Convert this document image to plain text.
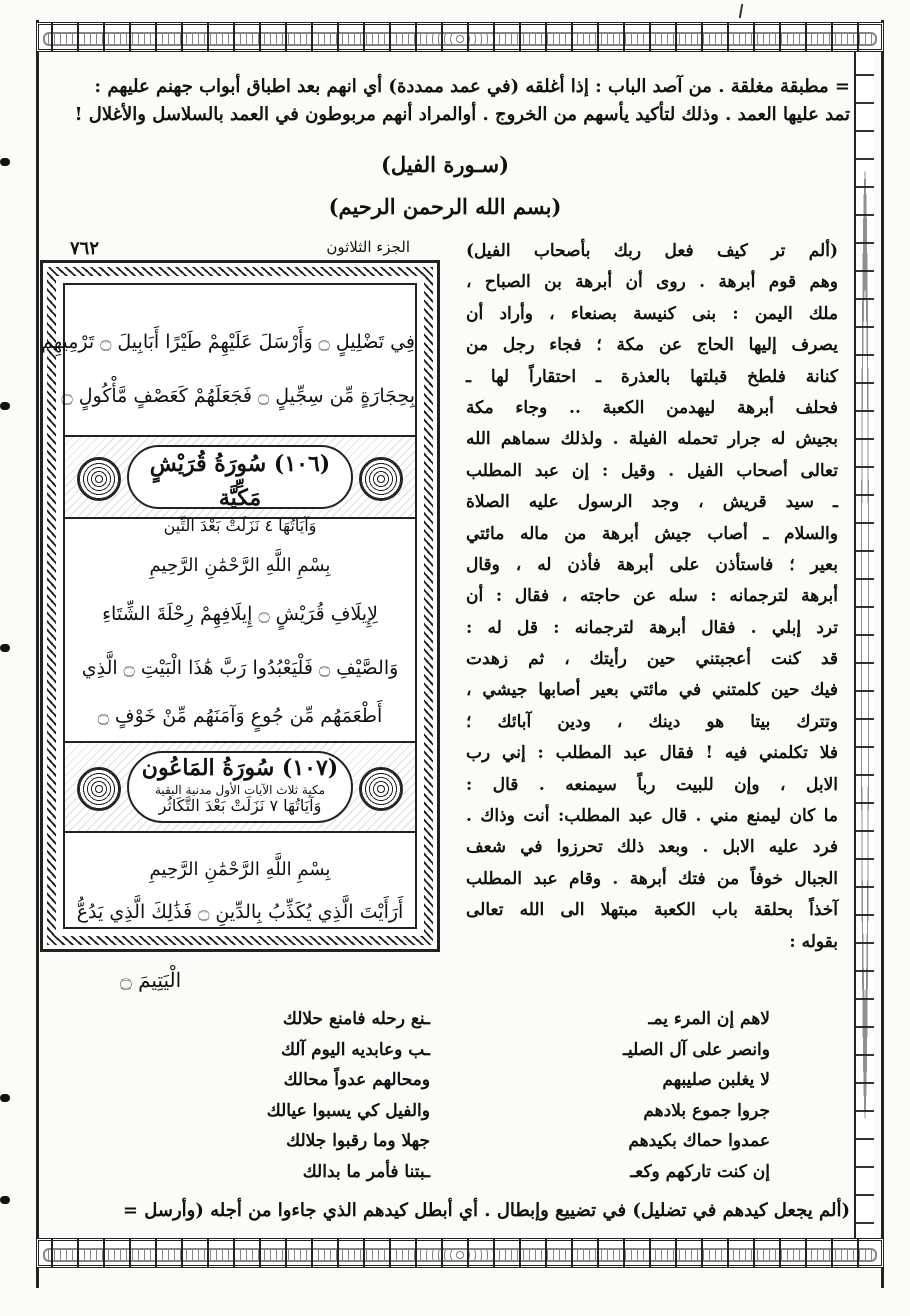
= مطبقة مغلقة . من آصد الباب : إذا أغلقه (في عمد ممددة) أي انهم بعد اطباق أبواب جهنم عليهم :
تمد عليها العمد . وذلك لتأكيد يأسهم من الخروج . أوالمراد أنهم مربوطون في العمد بالسلاسل والأغلال !
(سـورة الفيل)
(بسم الله الرحمن الرحيم)
(ألم تر كيف فعل ربك بأصحاب الفيل)
وهم قوم أبرهة . روى أن أبرهة بن الصباح ،
ملك اليمن : بنى كنيسة بصنعاء ، وأراد أن
يصرف إليها الحاج عن مكة ؛ فجاء رجل من
كنانة فلطخ قبلتها بالعذرة ـ احتقاراً لها ـ
فحلف أبرهة ليهدمن الكعبة .. وجاء مكة
بجيش له جرار تحمله الفيلة . ولذلك سماهم الله
تعالى أصحاب الفيل . وقيل : إن عبد المطلب
ـ سيد قريش ، وجد الرسول عليه الصلاة
والسلام ـ أصاب جيش أبرهة من ماله مائتي
بعير ؛ فاستأذن على أبرهة فأذن له ، وقال
أبرهة لترجمانه : سله عن حاجته ، فقال : أن
ترد إبلي . فقال أبرهة لترجمانه : قل له :
قد كنت أعجبتني حين رأيتك ، ثم زهدت
فيك حين كلمتني في مائتي بعير أصابها جيشي ،
وتترك بيتا هو دينك ، ودين آبائك ؛
فلا تكلمني فيه ! فقال عبد المطلب : إني رب
الابل ، وإن للبيت رباً سيمنعه . قال :
ما كان ليمنع مني . قال عبد المطلب: أنت وذاك .
فرد عليه الابل . وبعد ذلك تحرزوا في شعف
الجبال خوفاً من فتك أبرهة . وقام عبد المطلب
آخذاً بحلقة باب الكعبة مبتهلا الى الله تعالى
بقوله :
الجزء الثلاثون
٧٦٢
فِي تَضْلِيلٍ ۝ وَأَرْسَلَ عَلَيْهِمْ طَيْرًا أَبَابِيلَ ۝ تَرْمِيهِم
بِحِجَارَةٍ مِّن سِجِّيلٍ ۝ فَجَعَلَهُمْ كَعَصْفٍ مَّأْكُولٍ ۝
(١٠٦) سُورَةُ قُرَيْشٍ مَكِّيَّة
وَآيَاتُهَا ٤ نَزَلَتْ بَعْدَ التِّين
بِسْمِ اللَّهِ الرَّحْمَٰنِ الرَّحِيمِ
لِإِيلَافِ قُرَيْشٍ ۝ إِيلَافِهِمْ رِحْلَةَ الشِّتَاءِ
وَالصَّيْفِ ۝ فَلْيَعْبُدُوا رَبَّ هَٰذَا الْبَيْتِ ۝ الَّذِي
أَطْعَمَهُم مِّن جُوعٍ وَآمَنَهُم مِّنْ خَوْفٍ ۝
(١٠٧) سُورَةُ المَاعُون
مكية ثلاث الآيات الأول مدنية البقية
وَآيَاتُهَا ٧ نَزَلَتْ بَعْدَ التَّكَاثُر
بِسْمِ اللَّهِ الرَّحْمَٰنِ الرَّحِيمِ
أَرَأَيْتَ الَّذِي يُكَذِّبُ بِالدِّينِ ۝ فَذَٰلِكَ الَّذِي يَدُعُّ
الْيَتِيمَ ۝
لاهم إن المرء يمـ
ـنع رحله فامنع حلالك
وانصر على آل الصليـ
ـب وعابديه اليوم آلك
لا يغلبن صليبهم
ومحالهم عدواً محالك
جروا جموع بلادهم
والفيل كي يسبوا عيالك
عمدوا حماك بكيدهم
جهلا وما رقبوا جلالك
إن كنت تاركهم وكعـ
ـبتنا فأمر ما بدالك
(ألم يجعل كيدهم في تضليل) في تضييع وإبطال . أي أبطل كيدهم الذي جاءوا من أجله (وأرسل =
